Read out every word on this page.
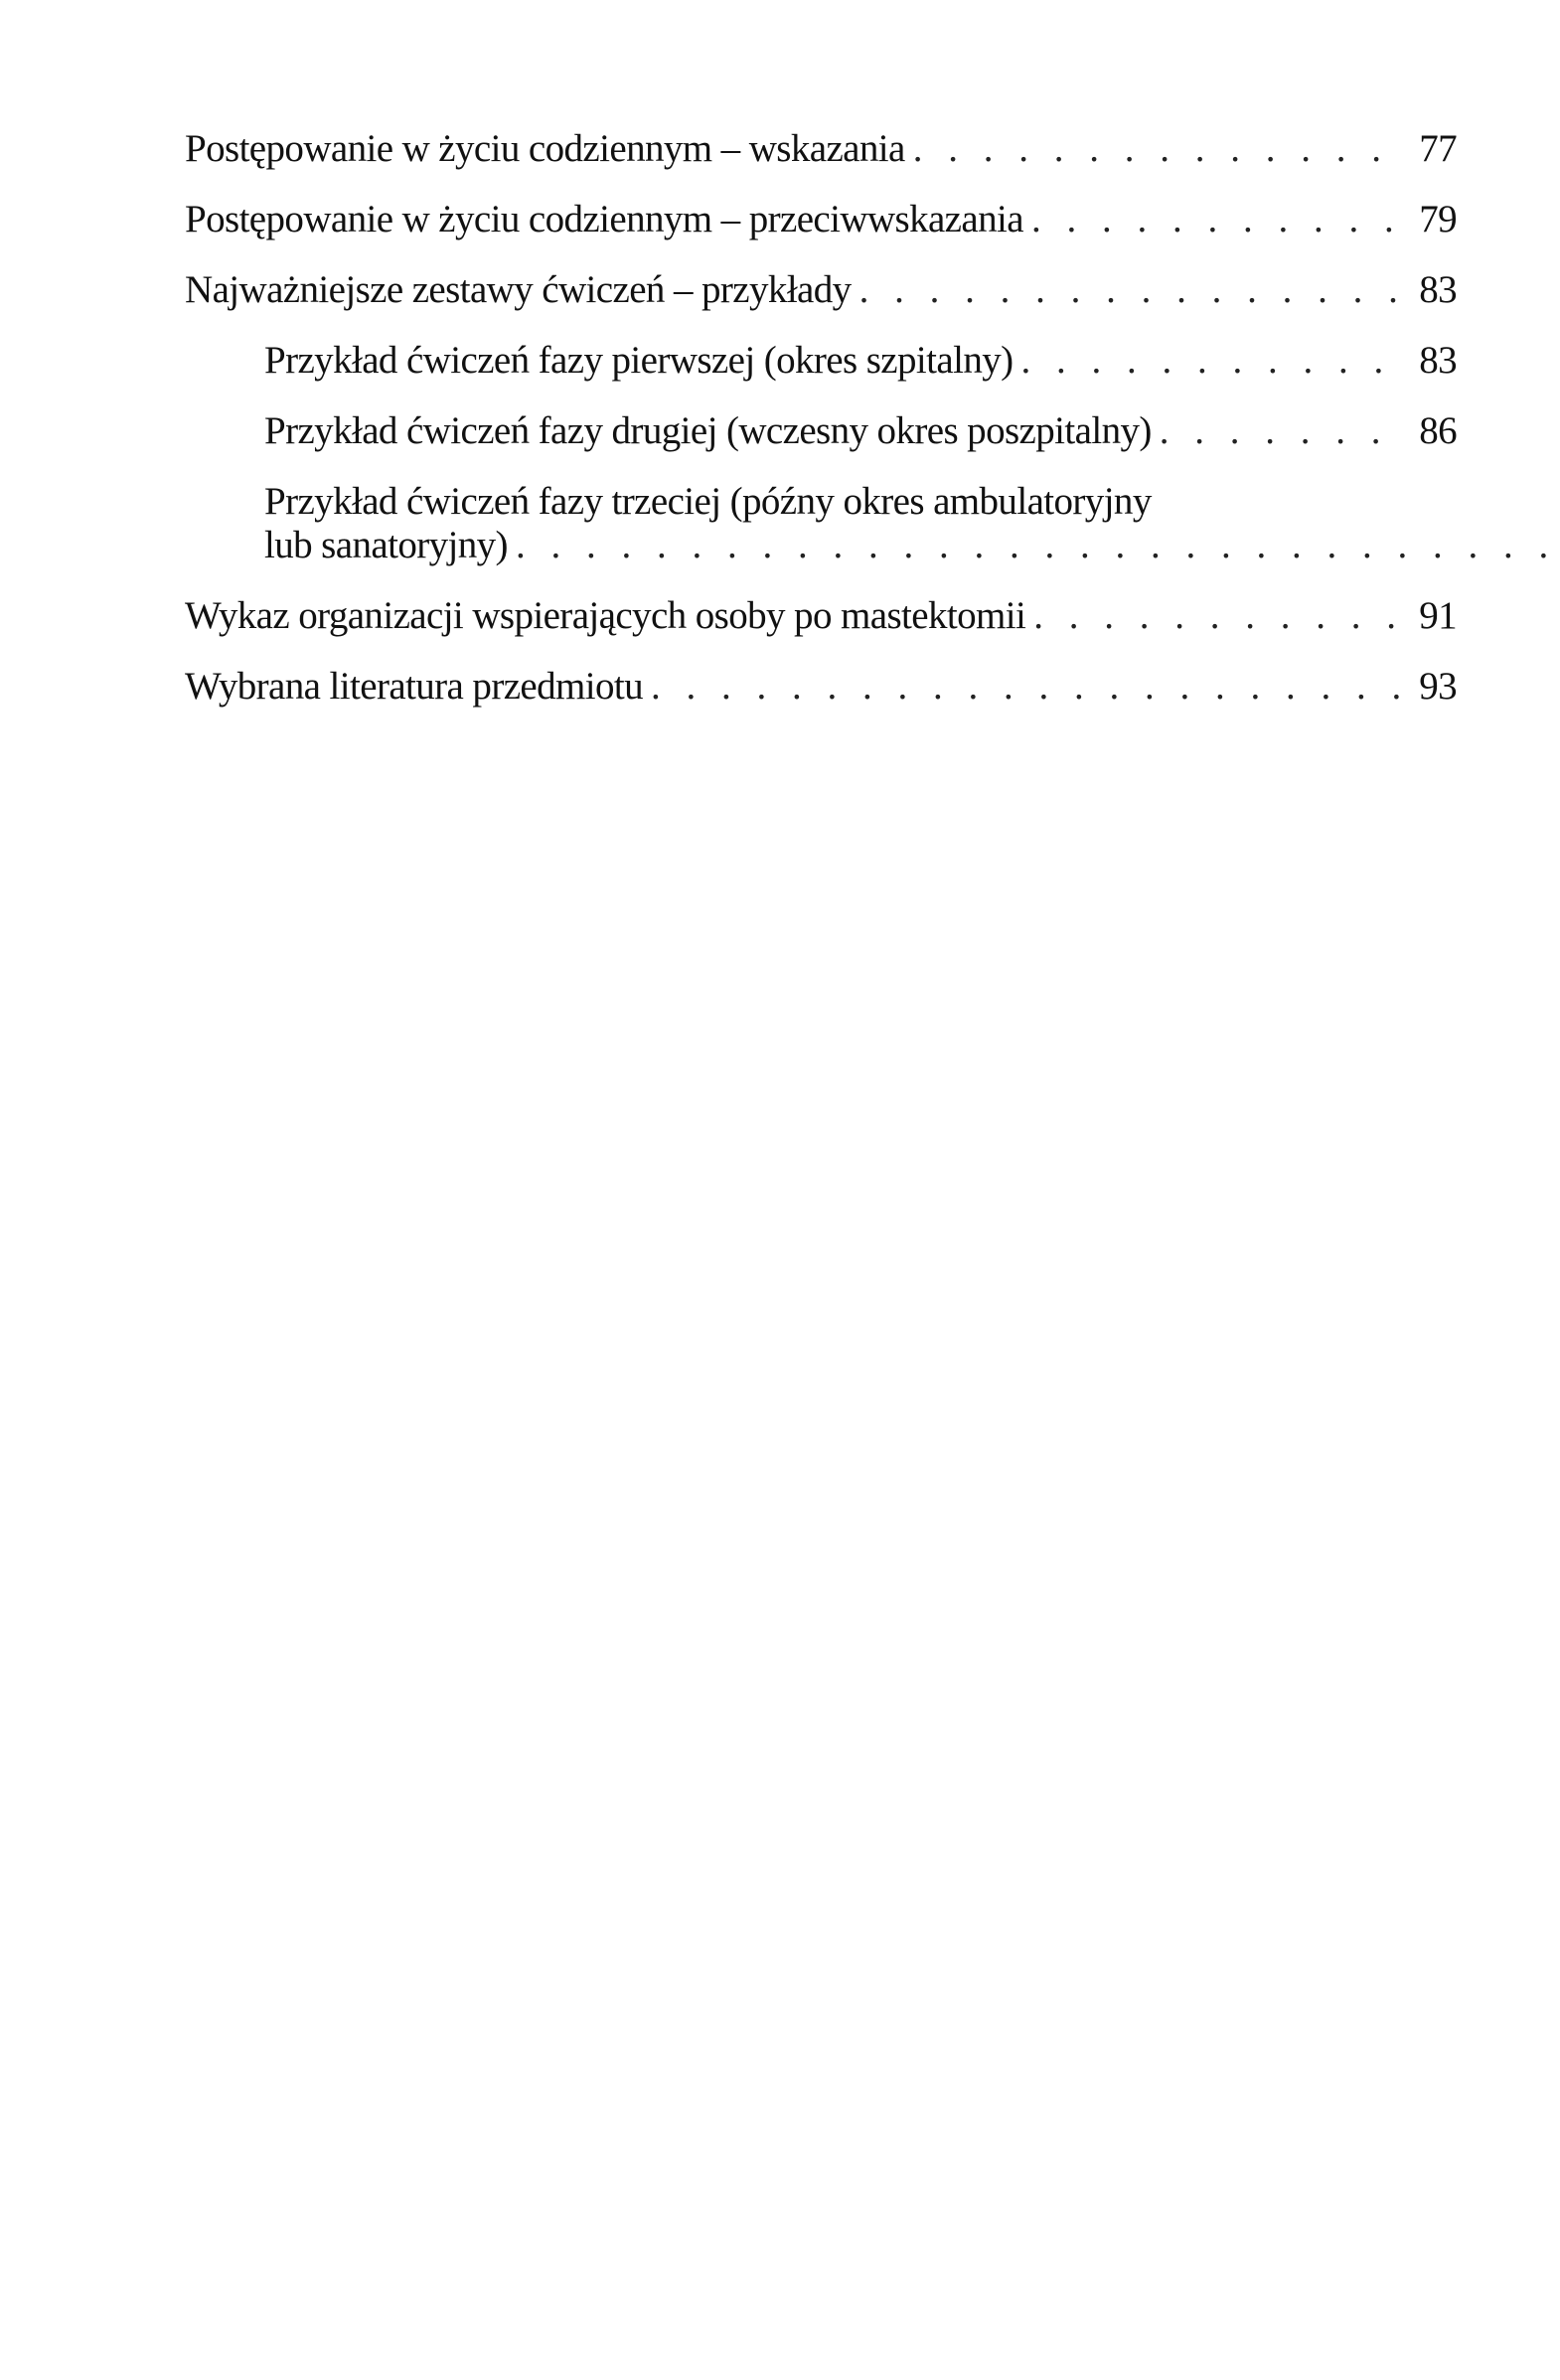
Postępowanie w życiu codziennym – wskazania . . .	77
Postępowanie w życiu codziennym – przeciwwskazania . . .	79
Najważniejsze zestawy ćwiczeń – przykłady . . .	83
Przykład ćwiczeń fazy pierwszej (okres szpitalny) . . .	83
Przykład ćwiczeń fazy drugiej (wczesny okres poszpitalny) . . .	86
Przykład ćwiczeń fazy trzeciej (późny okres ambulatoryjny
lub sanatoryjny)
. . .
Wykaz organizacji wspierających osoby po mastektomii . . .	91
Wybrana literatura przedmiotu . . .	93
